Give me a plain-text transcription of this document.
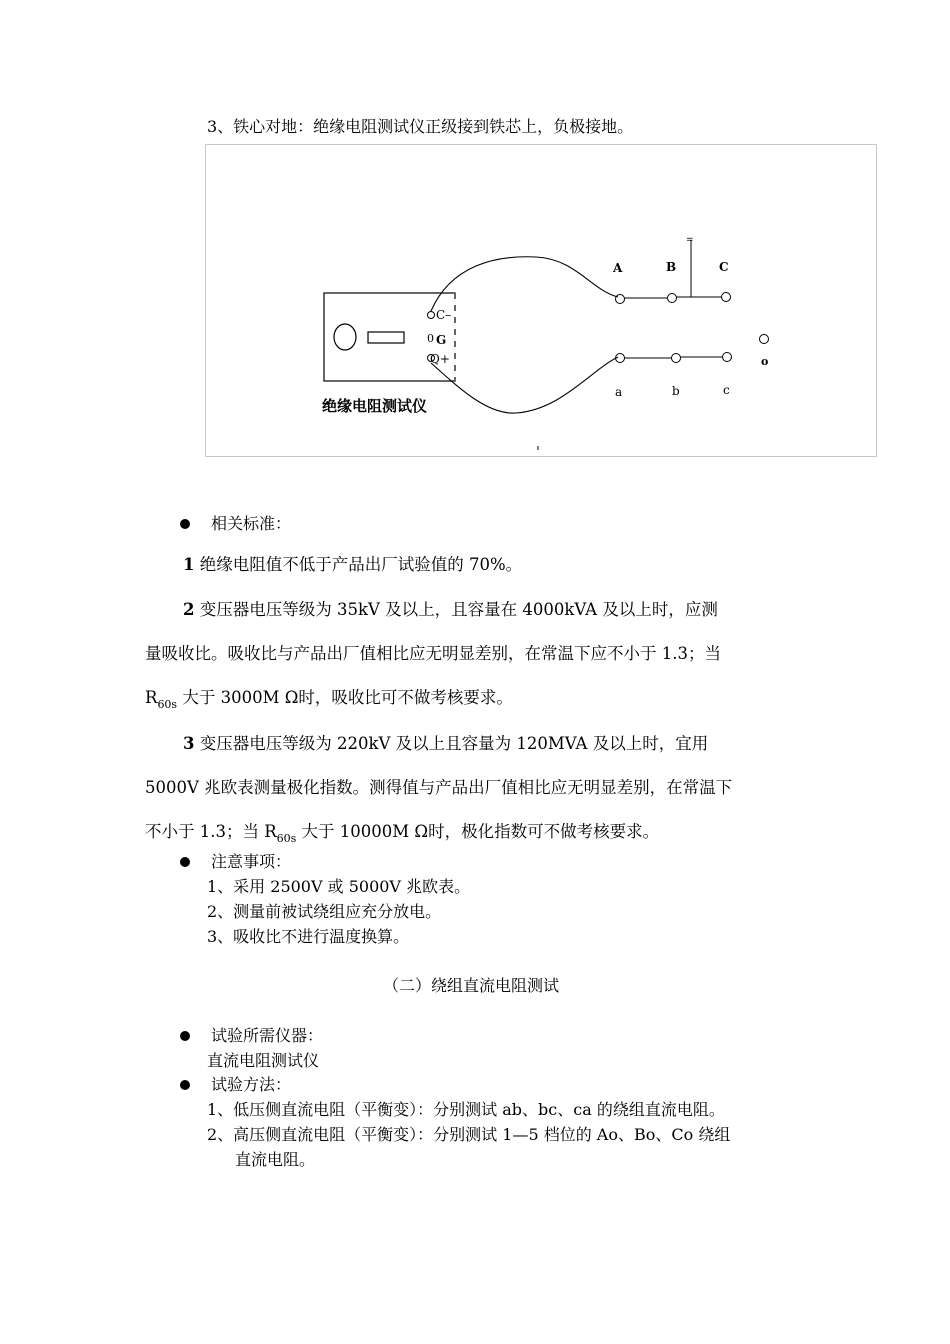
3、铁心对地：绝缘电阻测试仪正级接到铁芯上，负极接地。
C–
0 G
Q+
=
A	B	C
o
a	b	c
绝缘电阻测试仪
相关标准：
1 绝缘电阻值不低于产品出厂试验值的 70%。
2 变压器电压等级为 35kV 及以上，且容量在 4000kVA 及以上时，应测
量吸收比。吸收比与产品出厂值相比应无明显差别，在常温下应不小于 1.3；当
$R_{60s}$ 大于 3000M Ω时，吸收比可不做考核要求。
3 变压器电压等级为 220kV 及以上且容量为 120MVA 及以上时，宜用
5000V 兆欧表测量极化指数。测得值与产品出厂值相比应无明显差别，在常温下
不小于 1.3；当 $R_{60s}$ 大于 10000M Ω时，极化指数可不做考核要求。
注意事项：
1、采用 2500V 或 5000V 兆欧表。
2、测量前被试绕组应充分放电。
3、吸收比不进行温度换算。
（二）绕组直流电阻测试
试验所需仪器：
直流电阻测试仪
试验方法：
1、低压侧直流电阻（平衡变）：分别测试 ab、bc、ca 的绕组直流电阻。
2、高压侧直流电阻（平衡变）：分别测试 1—5 档位的 Ao、Bo、Co 绕组
直流电阻。
